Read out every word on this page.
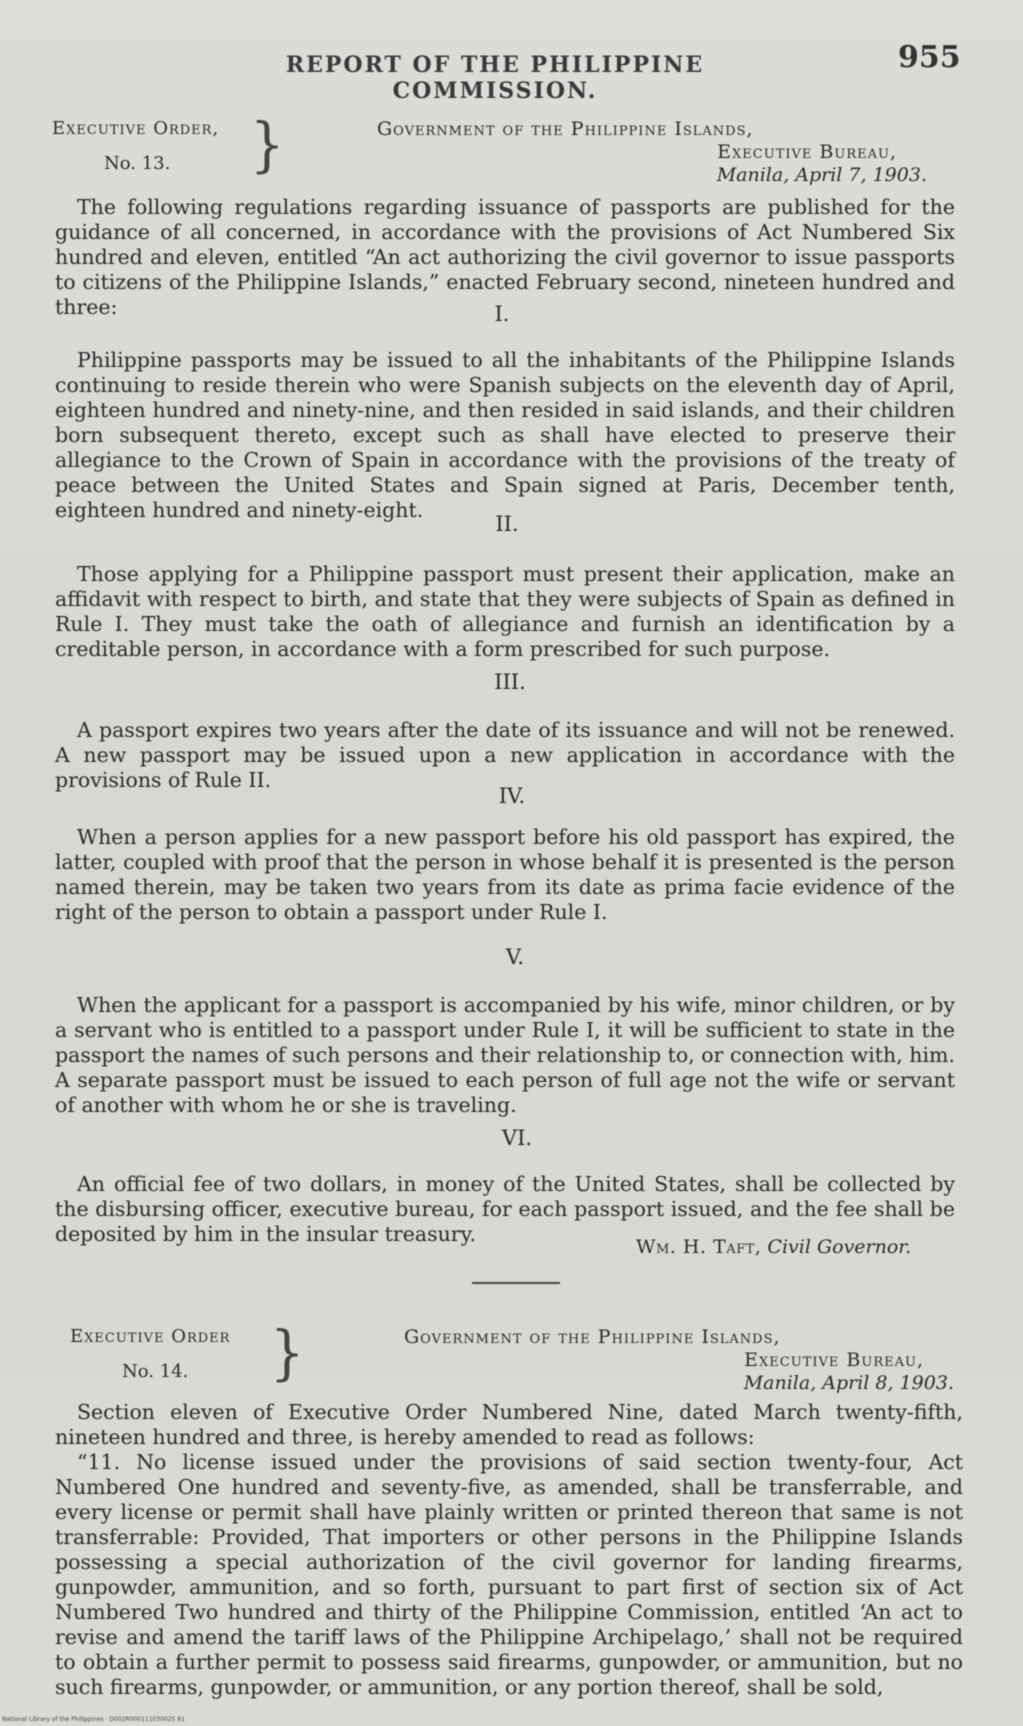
REPORT OF THE PHILIPPINE COMMISSION.
955
Executive Order,
No. 13.	}	Government of the Philippine Islands,
Executive Bureau,
Manila, April 7, 1903.

The following regulations regarding issuance of passports are published for the guidance of all concerned, in accordance with the provisions of Act Numbered Six hundred and eleven, entitled “An act authorizing the civil governor to issue passports to citizens of the Philippine Islands,” enacted February second, nineteen hundred and three:	I.

Philippine passports may be issued to all the inhabitants of the Philippine Islands continuing to reside therein who were Spanish subjects on the eleventh day of April, eighteen hundred and ninety-nine, and then resided in said islands, and their children born subsequent thereto, except such as shall have elected to preserve their allegiance to the Crown of Spain in accordance with the provisions of the treaty of peace between the United States and Spain signed at Paris, December tenth, eighteen hundred and ninety-eight.

II.

Those applying for a Philippine passport must present their application, make an affidavit with respect to birth, and state that they were subjects of Spain as defined in Rule I. They must take the oath of allegiance and furnish an identification by a creditable person, in accordance with a form prescribed for such purpose.

III.

A passport expires two years after the date of its issuance and will not be renewed. A new passport may be issued upon a new application in accordance with the provisions of Rule II.

IV.

When a person applies for a new passport before his old passport has expired, the latter, coupled with proof that the person in whose behalf it is presented is the person named therein, may be taken two years from its date as prima facie evidence of the right of the person to obtain a passport under Rule I.

V.

When the applicant for a passport is accompanied by his wife, minor children, or by a servant who is entitled to a passport under Rule I, it will be sufficient to state in the passport the names of such persons and their relationship to, or connection with, him. A separate passport must be issued to each person of full age not the wife or servant of another with whom he or she is traveling.

VI.

An official fee of two dollars, in money of the United States, shall be collected by the disbursing officer, executive bureau, for each passport issued, and the fee shall be deposited by him in the insular treasury.

Wm. H. Taft, Civil Governor.
Executive Order
No. 14.	}	Government of the Philippine Islands,
Executive Bureau,
Manila, April 8, 1903.

Section eleven of Executive Order Numbered Nine, dated March twenty-fifth, nineteen hundred and three, is hereby amended to read as follows:

“11. No license issued under the provisions of said section twenty-four, Act Numbered One hundred and seventy-five, as amended, shall be transferrable, and every license or permit shall have plainly written or printed thereon that same is not transferrable: Provided, That importers or other persons in the Philippine Islands possessing a special authorization of the civil governor for landing firearms, gunpowder, ammunition, and so forth, pursuant to part first of section six of Act Numbered Two hundred and thirty of the Philippine Commission, entitled ‘An act to revise and amend the tariff laws of the Philippine Archipelago,’ shall not be required to obtain a further permit to possess said firearms, gunpowder, or ammunition, but no such firearms, gunpowder, or ammunition, or any portion thereof, shall be sold,

National Library of the Philippines · D002R000111030025 81
